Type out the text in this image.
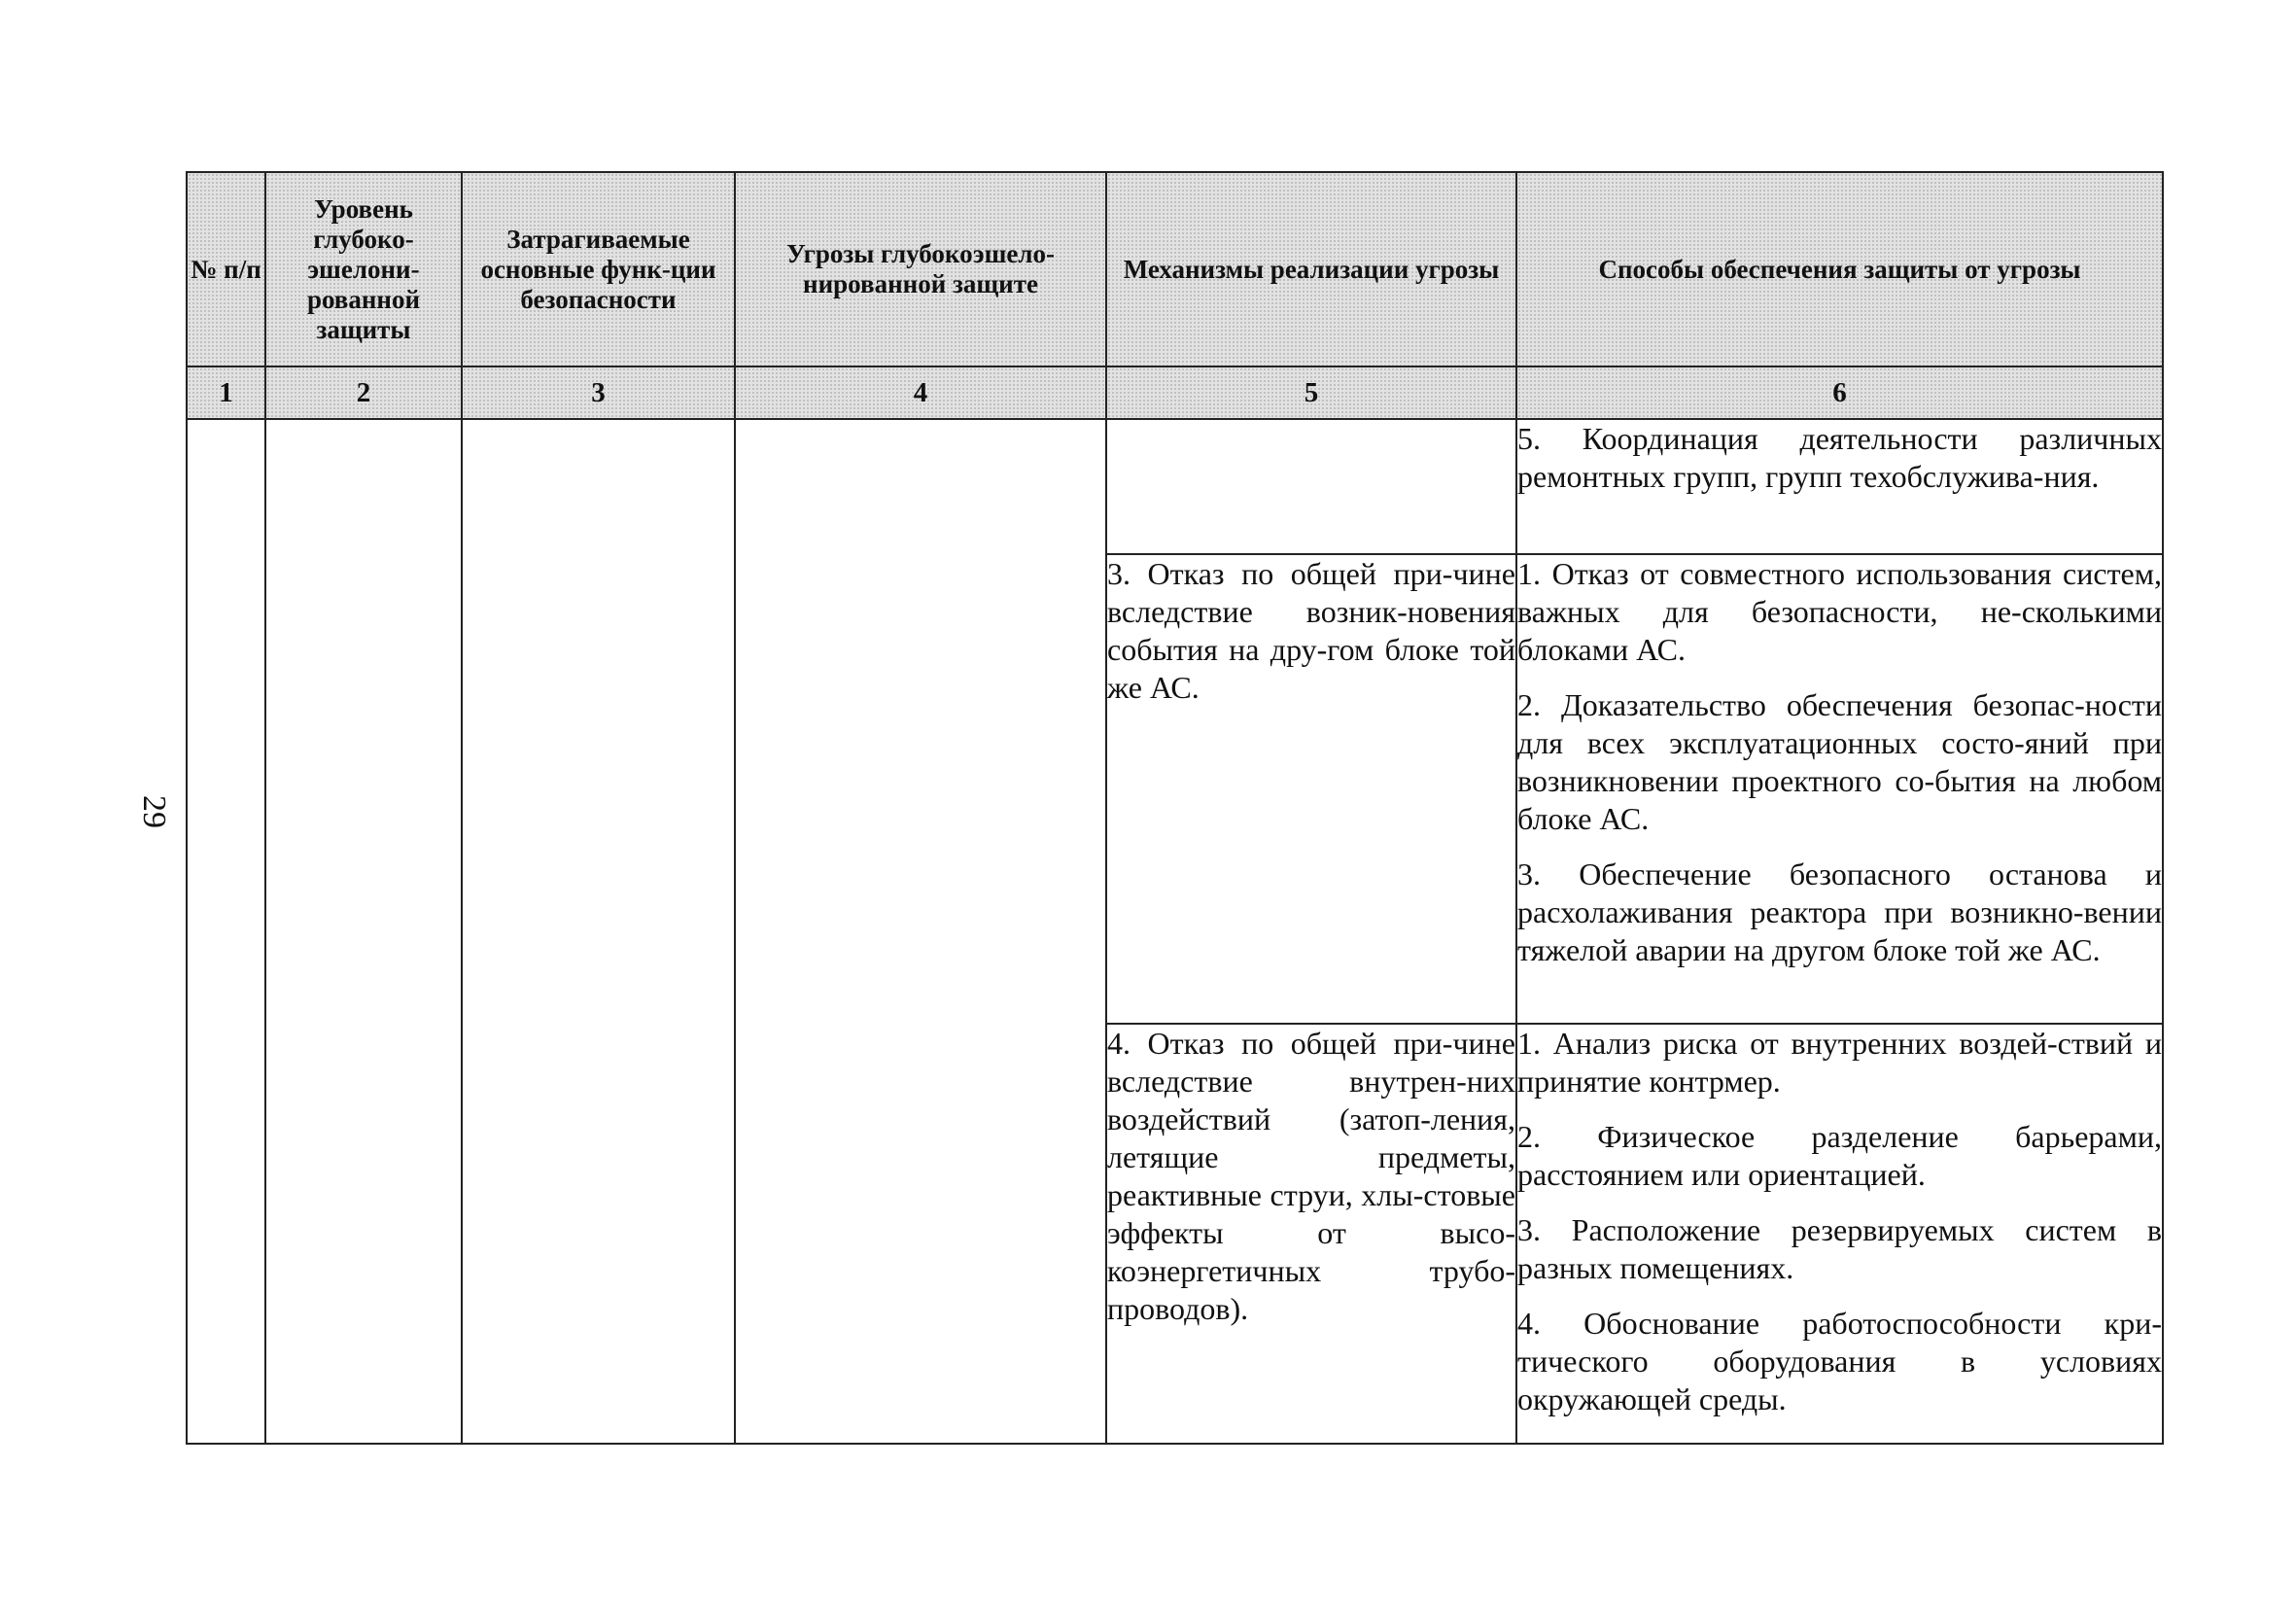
29
№ п/п	Уровень глубоко-эшелони-рованной защиты	Затрагиваемые основные функ-ции безопасности	Угрозы глубокоэшело-нированной защите	Механизмы реализации угрозы	Способы обеспечения защиты от угрозы
1	2	3	4	5	6

					5. Координация деятельности различных ремонтных групп, групп техобслужива-ния.

				3. Отказ по общей при-чине вследствие возник-новения события на дру-гом блоке той же АС.	1. Отказ от совместного использования систем, важных для безопасности, не-сколькими блоками АС.

2. Доказательство обеспечения безопас-ности для всех эксплуатационных состо-яний при возникновении проектного со-бытия на любом блоке АС.

3. Обеспечение безопасного останова и расхолаживания реактора при возникно-вении тяжелой аварии на другом блоке той же АС.

				4. Отказ по общей при-чине вследствие внутрен-них воздействий (затоп-ления, летящие предметы, реактивные струи, хлы-стовые эффекты от высо-коэнергетичных трубо-проводов).	1. Анализ риска от внутренних воздей-ствий и принятие контрмер.

2. Физическое разделение барьерами, расстоянием или ориентацией.

3. Расположение резервируемых систем в разных помещениях.

4. Обоснование работоспособности кри-тического оборудования в условиях окружающей среды.
